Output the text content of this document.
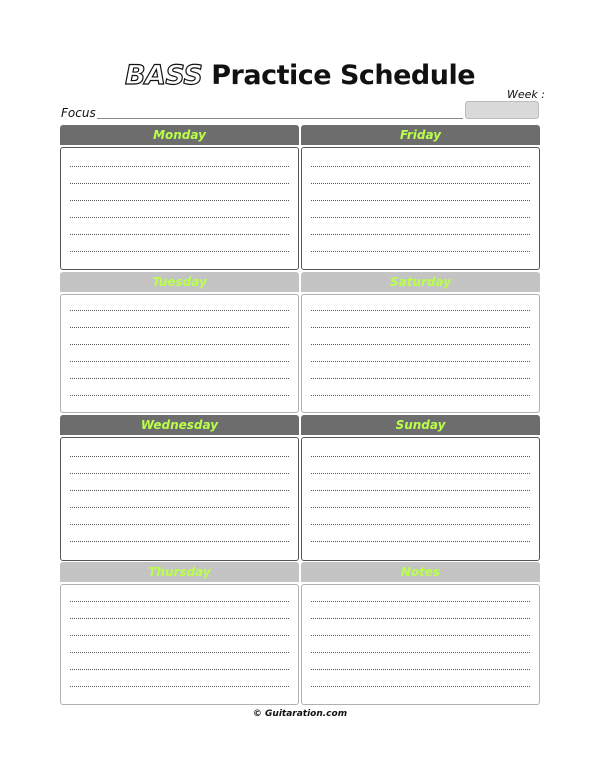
BASS Practice Schedule
Week :
Focus
Monday	Friday
Tuesday	Saturday
Wednesday	Sunday
Thursday	Notes
© Guitaration.com
